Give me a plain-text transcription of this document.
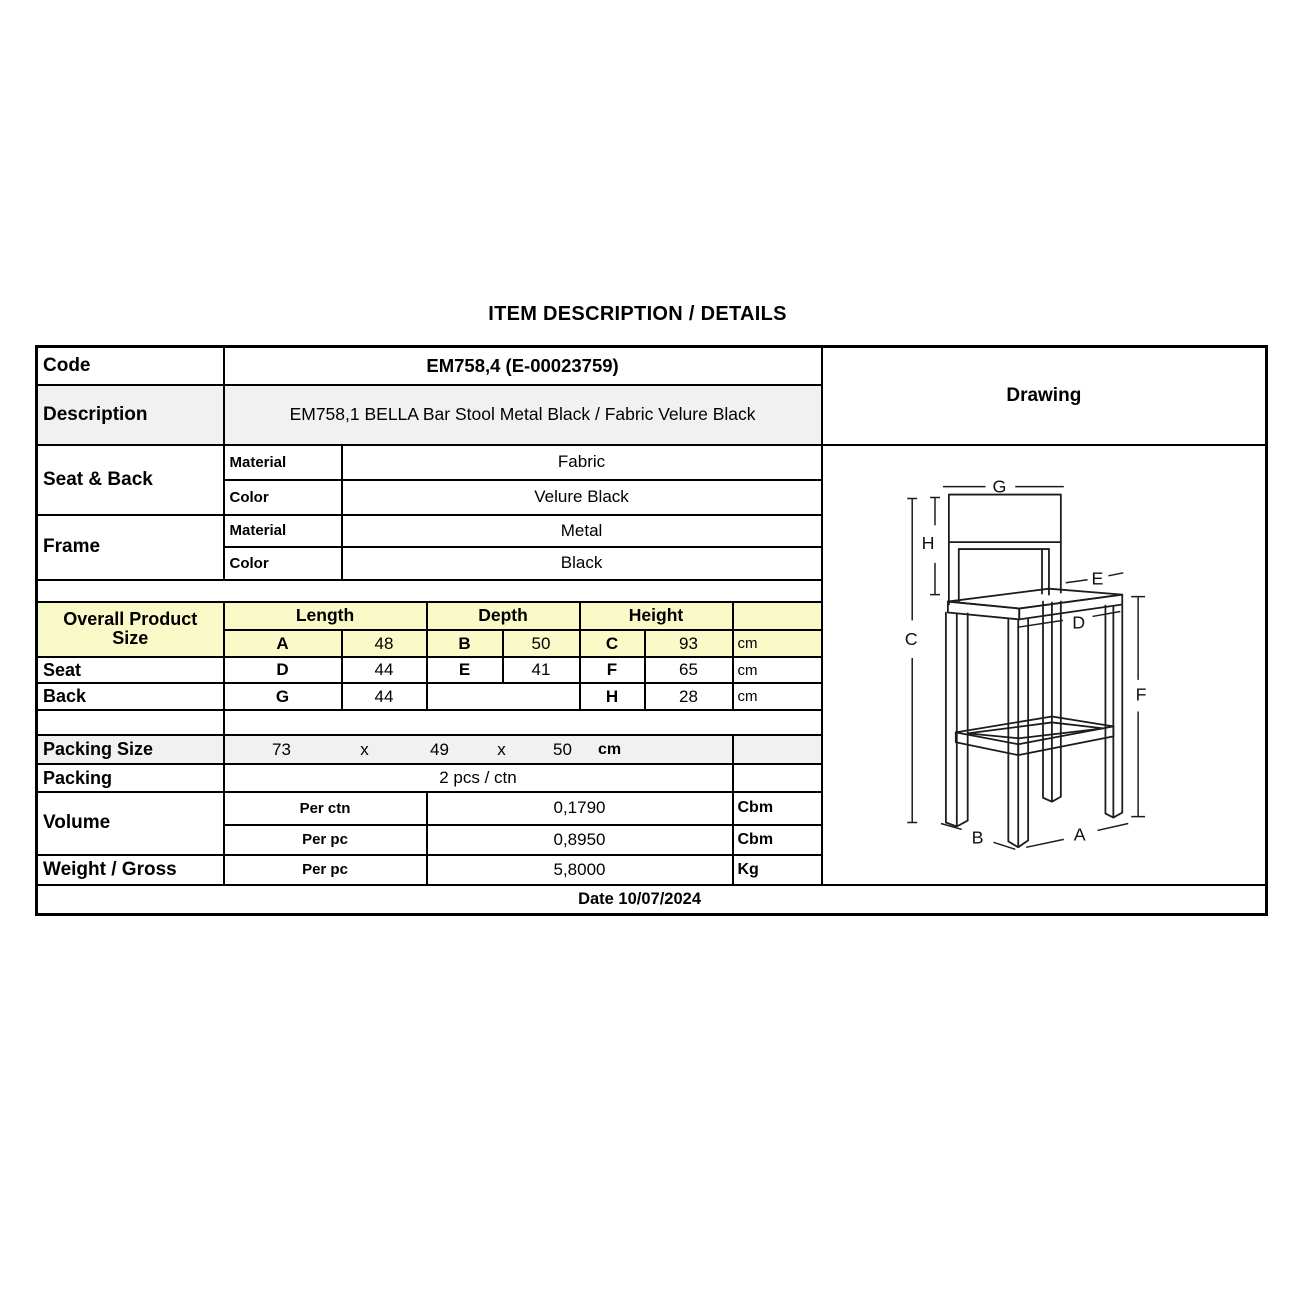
ITEM DESCRIPTION / DETAILS
Code	EM758,4 (E-00023759)							Drawing
Description	EM758,1 BELLA Bar Stool Metal Black / Fabric Velure Black							
Seat & Back	Material	Fabric	
G
H
C
E
D
F
A
B

	Color	Velure Black						
Frame	Material	Metal						
	Color	Black						

Overall Product
Size	Length		Depth		Height			
	A	48	B	50	C	93	cm	
Seat	D	44	E	41	F	65	cm	
Back	G	44			H	28	cm	

Packing Size	73	x	49	x	50 cm

Packing	2 pcs / ctn							
Volume	Per ctn		0,1790				Cbm	
	Per pc		0,8950				Cbm	
Weight / Gross	Per pc		5,8000				Kg	
Date 10/07/2024								
